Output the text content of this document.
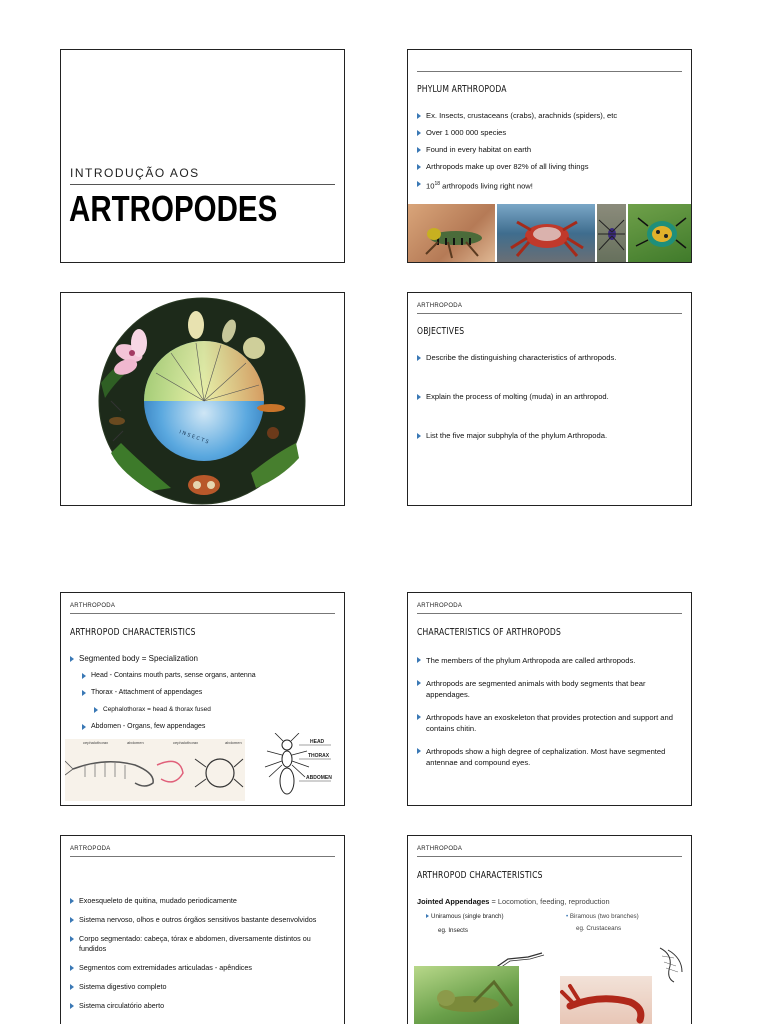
INTRODUÇÃO AOS
ARTROPODES
PHYLUM ARTHROPODA
Ex. Insects, crustaceans (crabs), arachnids (spiders), etc
Over 1 000 000 species
Found in every habitat on earth
Arthropods make up over 82% of all living things
$10^{18}$ arthropods living right now!
I N S E C T S
ARTHROPODA
OBJECTIVES
Describe the distinguishing characteristics of arthropods.
Explain the process of molting (muda) in an arthropod.
List the five major subphyla of the phylum Arthropoda.
ARTHROPODA
ARTHROPOD CHARACTERISTICS
Segmented body = Specialization
Head - Contains mouth parts, sense organs, antenna
Thorax - Attachment of appendages
Cephalothorax = head & thorax fused
Abdomen - Organs, few appendages
cephalothorax	abdomen	cephalothorax	abdomen	HEAD
THORAX
ABDOMEN
ARTHROPODA
CHARACTERISTICS OF ARTHROPODS
The members of the phylum Arthropoda are called arthropods.
Arthropods are segmented animals with body segments that bear appendages.
Arthropods have an exoskeleton that provides protection and support and contains chitin.
Arthropods show a high degree of cephalization. Most have segmented antennae and compound eyes.
ARTROPODA
Exoesqueleto de quitina, mudado periodicamente
Sistema nervoso, olhos e outros órgãos sensitivos bastante desenvolvidos
Corpo segmentado: cabeça, tórax e abdomen, diversamente distintos ou fundidos
Segmentos com extremidades articuladas - apêndices
Sistema digestivo completo
Sistema circulatório aberto
ARTHROPODA
ARTHROPOD CHARACTERISTICS
Jointed Appendages = Locomotion, feeding, reproduction
Uniramous (single branch)
eg. Insects
• Biramous (two branches)
eg. Crustaceans
